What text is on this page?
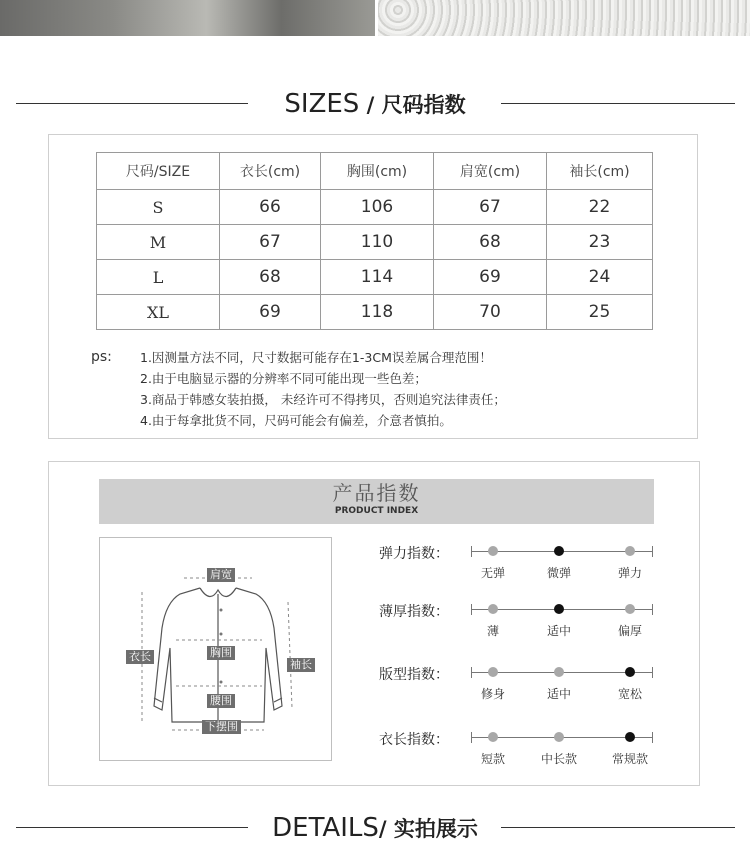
SIZES / 尺码指数
尺码/SIZE	衣长(cm)	胸围(cm)	肩宽(cm)	袖长(cm)
S	66	106	67	22
M	67	110	68	23
L	68	114	69	24
XL	69	118	70	25
ps: 1.因测量方法不同，尺寸数据可能存在1-3CM误差属合理范围！
2.由于电脑显示器的分辨率不同可能出现一些色差；
3.商品于韩感女装拍摄， 未经许可不得拷贝，否则追究法律责任；
4.由于每拿批货不同，尺码可能会有偏差，介意者慎拍。
产品指数
PRODUCT INDEX
肩宽
衣长	胸围
袖长
腰围
下摆围
弹力指数：
无弹	微弹	弹力
薄厚指数：
薄	适中	偏厚
版型指数：
修身	适中	宽松
衣长指数：
短款	中长款	常规款
DETAILS/ 实拍展示
